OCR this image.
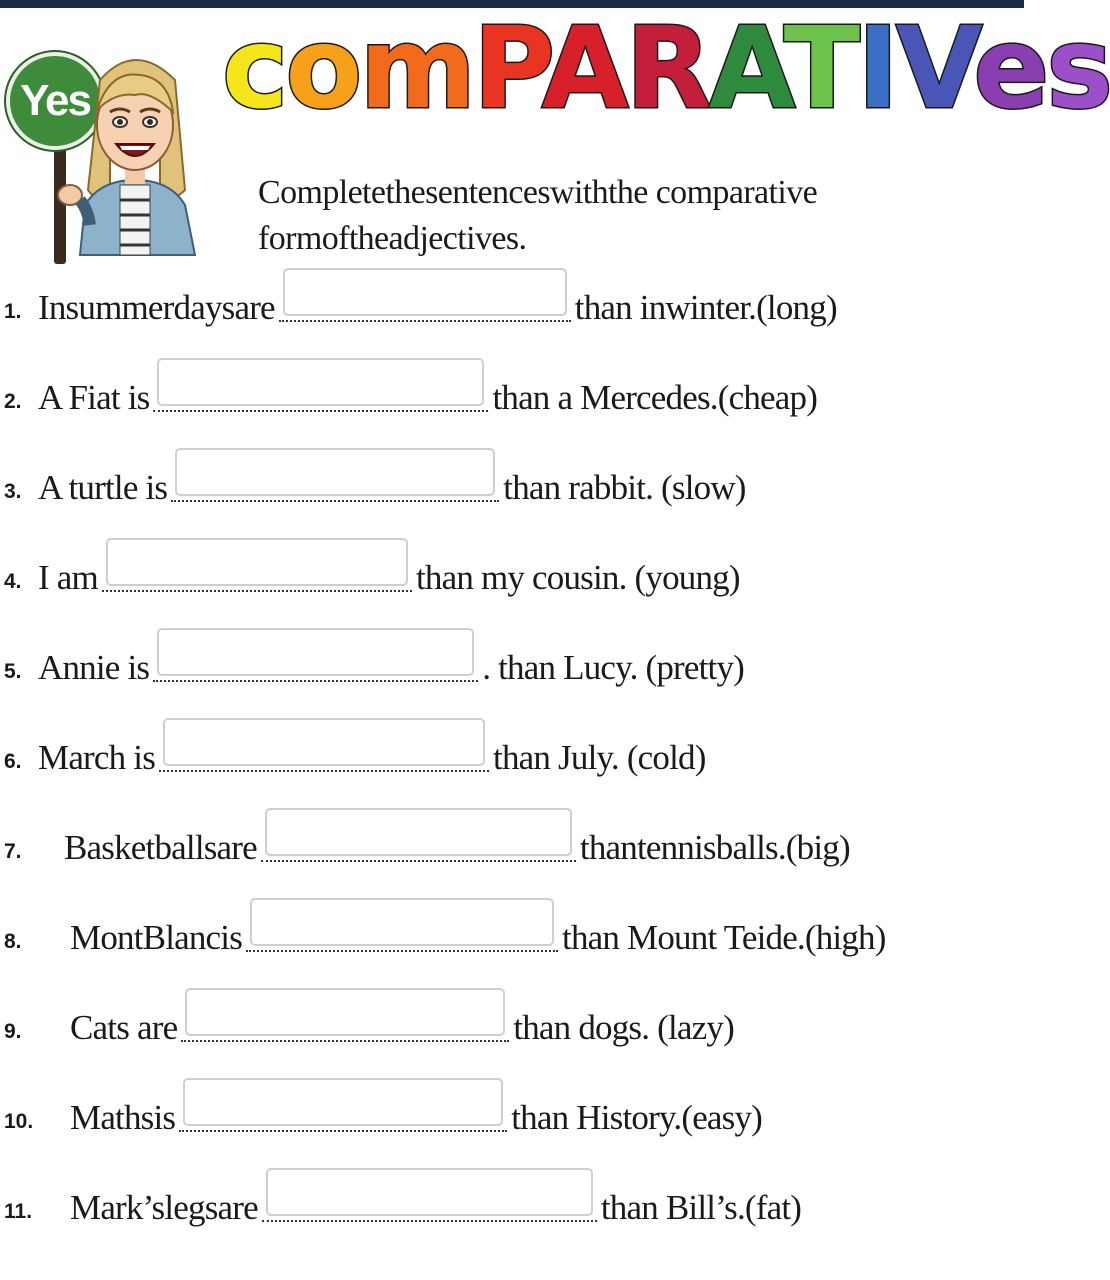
Yes comPARATIVes
Completethesentenceswiththe comparative formoftheadjectives.
1. Insummerdaysare	than inwinter.(long)
2. A Fiat is	than a Mercedes.(cheap)
3. A turtle is	than rabbit. (slow)
4. I am	than my cousin. (young)
5. Annie is	. than Lucy. (pretty)
6. March is	than July. (cold)
7. Basketballsare	thantennisballs.(big)
8. MontBlancis	than Mount Teide.(high)
9. Cats are	than dogs. (lazy)
10. Mathsis	than History.(easy)
11. Mark’slegsare	than Bill’s.(fat)
